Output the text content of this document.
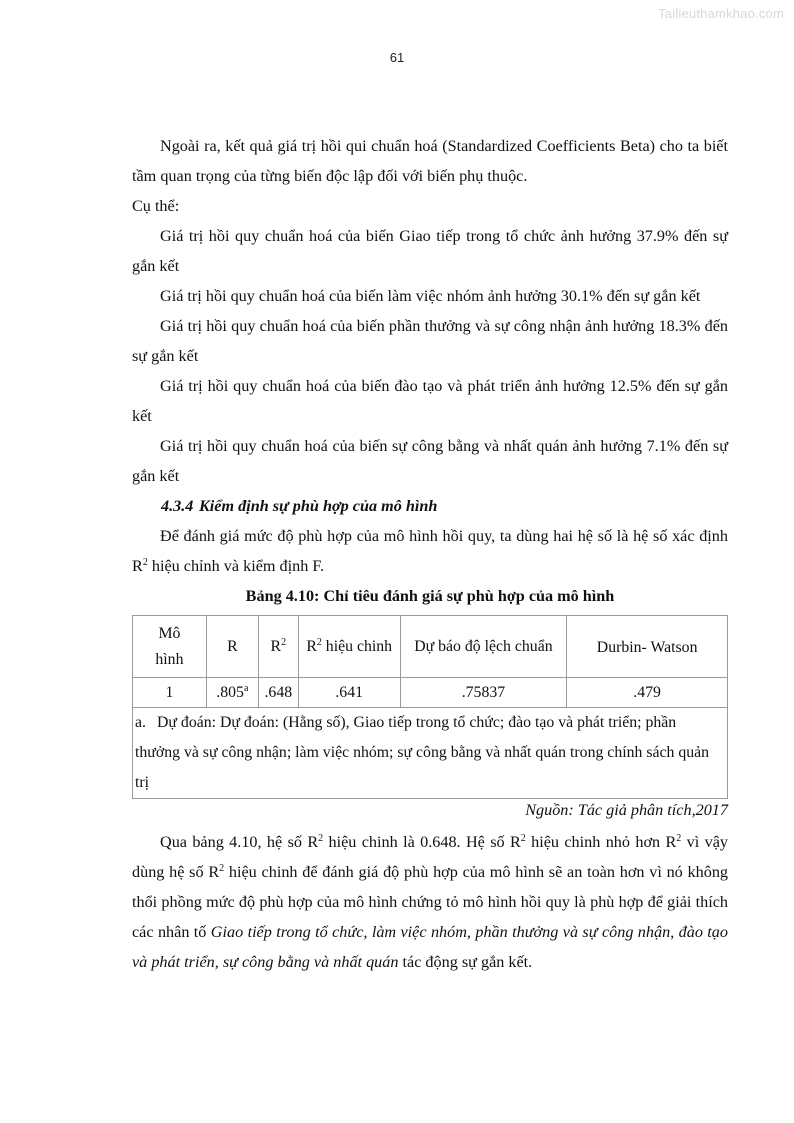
Tailieuthamkhao.com
61

Ngoài ra, kết quả giá trị hồi qui chuẩn hoá (Standardized Coefficients Beta) cho ta biết tầm quan trọng của từng biến độc lập đối với biến phụ thuộc.

Cụ thể:

Giá trị hồi quy chuẩn hoá của biến Giao tiếp trong tổ chức ảnh hưởng 37.9% đến sự gắn kết

Giá trị hồi quy chuẩn hoá của biến làm việc nhóm ảnh hưởng 30.1% đến sự gắn kết

Giá trị hồi quy chuẩn hoá của biến phần thưởng và sự công nhận ảnh hưởng 18.3% đến sự gắn kết

Giá trị hồi quy chuẩn hoá của biến đào tạo và phát triển ảnh hưởng 12.5% đến sự gắn kết

Giá trị hồi quy chuẩn hoá của biến sự công bằng và nhất quán ảnh hưởng 7.1% đến sự gắn kết

4.3.4 Kiểm định sự phù hợp của mô hình

Để đánh giá mức độ phù hợp của mô hình hồi quy, ta dùng hai hệ số là hệ số xác định $R^2$ hiệu chỉnh và kiểm định F.

Bảng 4.10: Chỉ tiêu đánh giá sự phù hợp của mô hình

Mô
hình	R	$R^2$	$R^2$ hiệu chinh	Dự báo độ lệch chuẩn	Durbin- Watson
1	.805$^a$	.648	.641	.75837	.479
a. Dự đoán: Dự đoán: (Hằng số), Giao tiếp trong tổ chức; đào tạo và phát triển; phần thưởng và sự công nhận; làm việc nhóm; sự công bằng và nhất quán trong chính sách quản trị					

Nguồn: Tác giả phân tích,2017

Qua bảng 4.10, hệ số $R^2$ hiệu chinh là 0.648. Hệ số $R^2$ hiệu chinh nhỏ hơn $R^2$ vì vậy dùng hệ số $R^2$ hiệu chinh để đánh giá độ phù hợp của mô hình sẽ an toàn hơn vì nó không thổi phồng mức độ phù hợp của mô hình chứng tỏ mô hình hồi quy là phù hợp để giải thích các nhân tố Giao tiếp trong tổ chức, làm việc nhóm, phần thưởng và sự công nhận, đào tạo và phát triển, sự công bằng và nhất quán tác động sự gắn kết.
